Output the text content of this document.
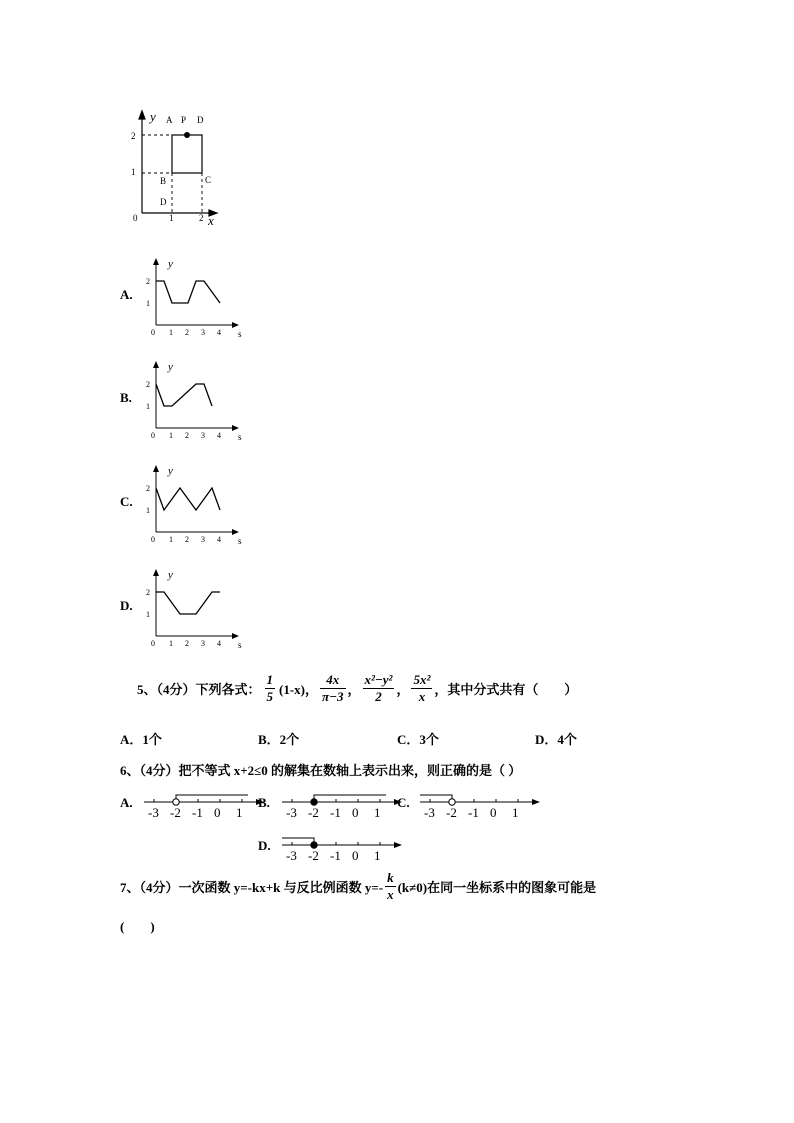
y
x
2
1
0	1	2
A P D
B	C
D
A.
y
s
2
1
0 1 2 3 4
B.
y
s
2
1
0 1 2 3 4
C.
y
s
2
1
0 1 2 3 4
D.
y
s
2
1
0 1 2 3 4
5、（4分）下列各式： $\frac{1}{5} (1-x)$， $\frac{4x}{\pi-3}$ ， $\frac{\text{x²−y²}}{2}$ ， $\frac{\text{5x²}}{x}$ ，其中分式共有（　　）
A．1个	B．2个	C．3个	D．4个
6、（4分）把不等式 x+2≤0 的解集在数轴上表示出来，则正确的是（ ）
A.
-3 -2 -1 0 1
B.
-3 -2 -1 0 1
C.
-3 -2 -1 0 1
D.
-3 -2 -1 0 1
7、（4分）一次函数 y=-kx+k 与反比例函数 $y=- \frac{k}{x} (k\ne 0)$在同一坐标系中的图象可能是
(　　)
